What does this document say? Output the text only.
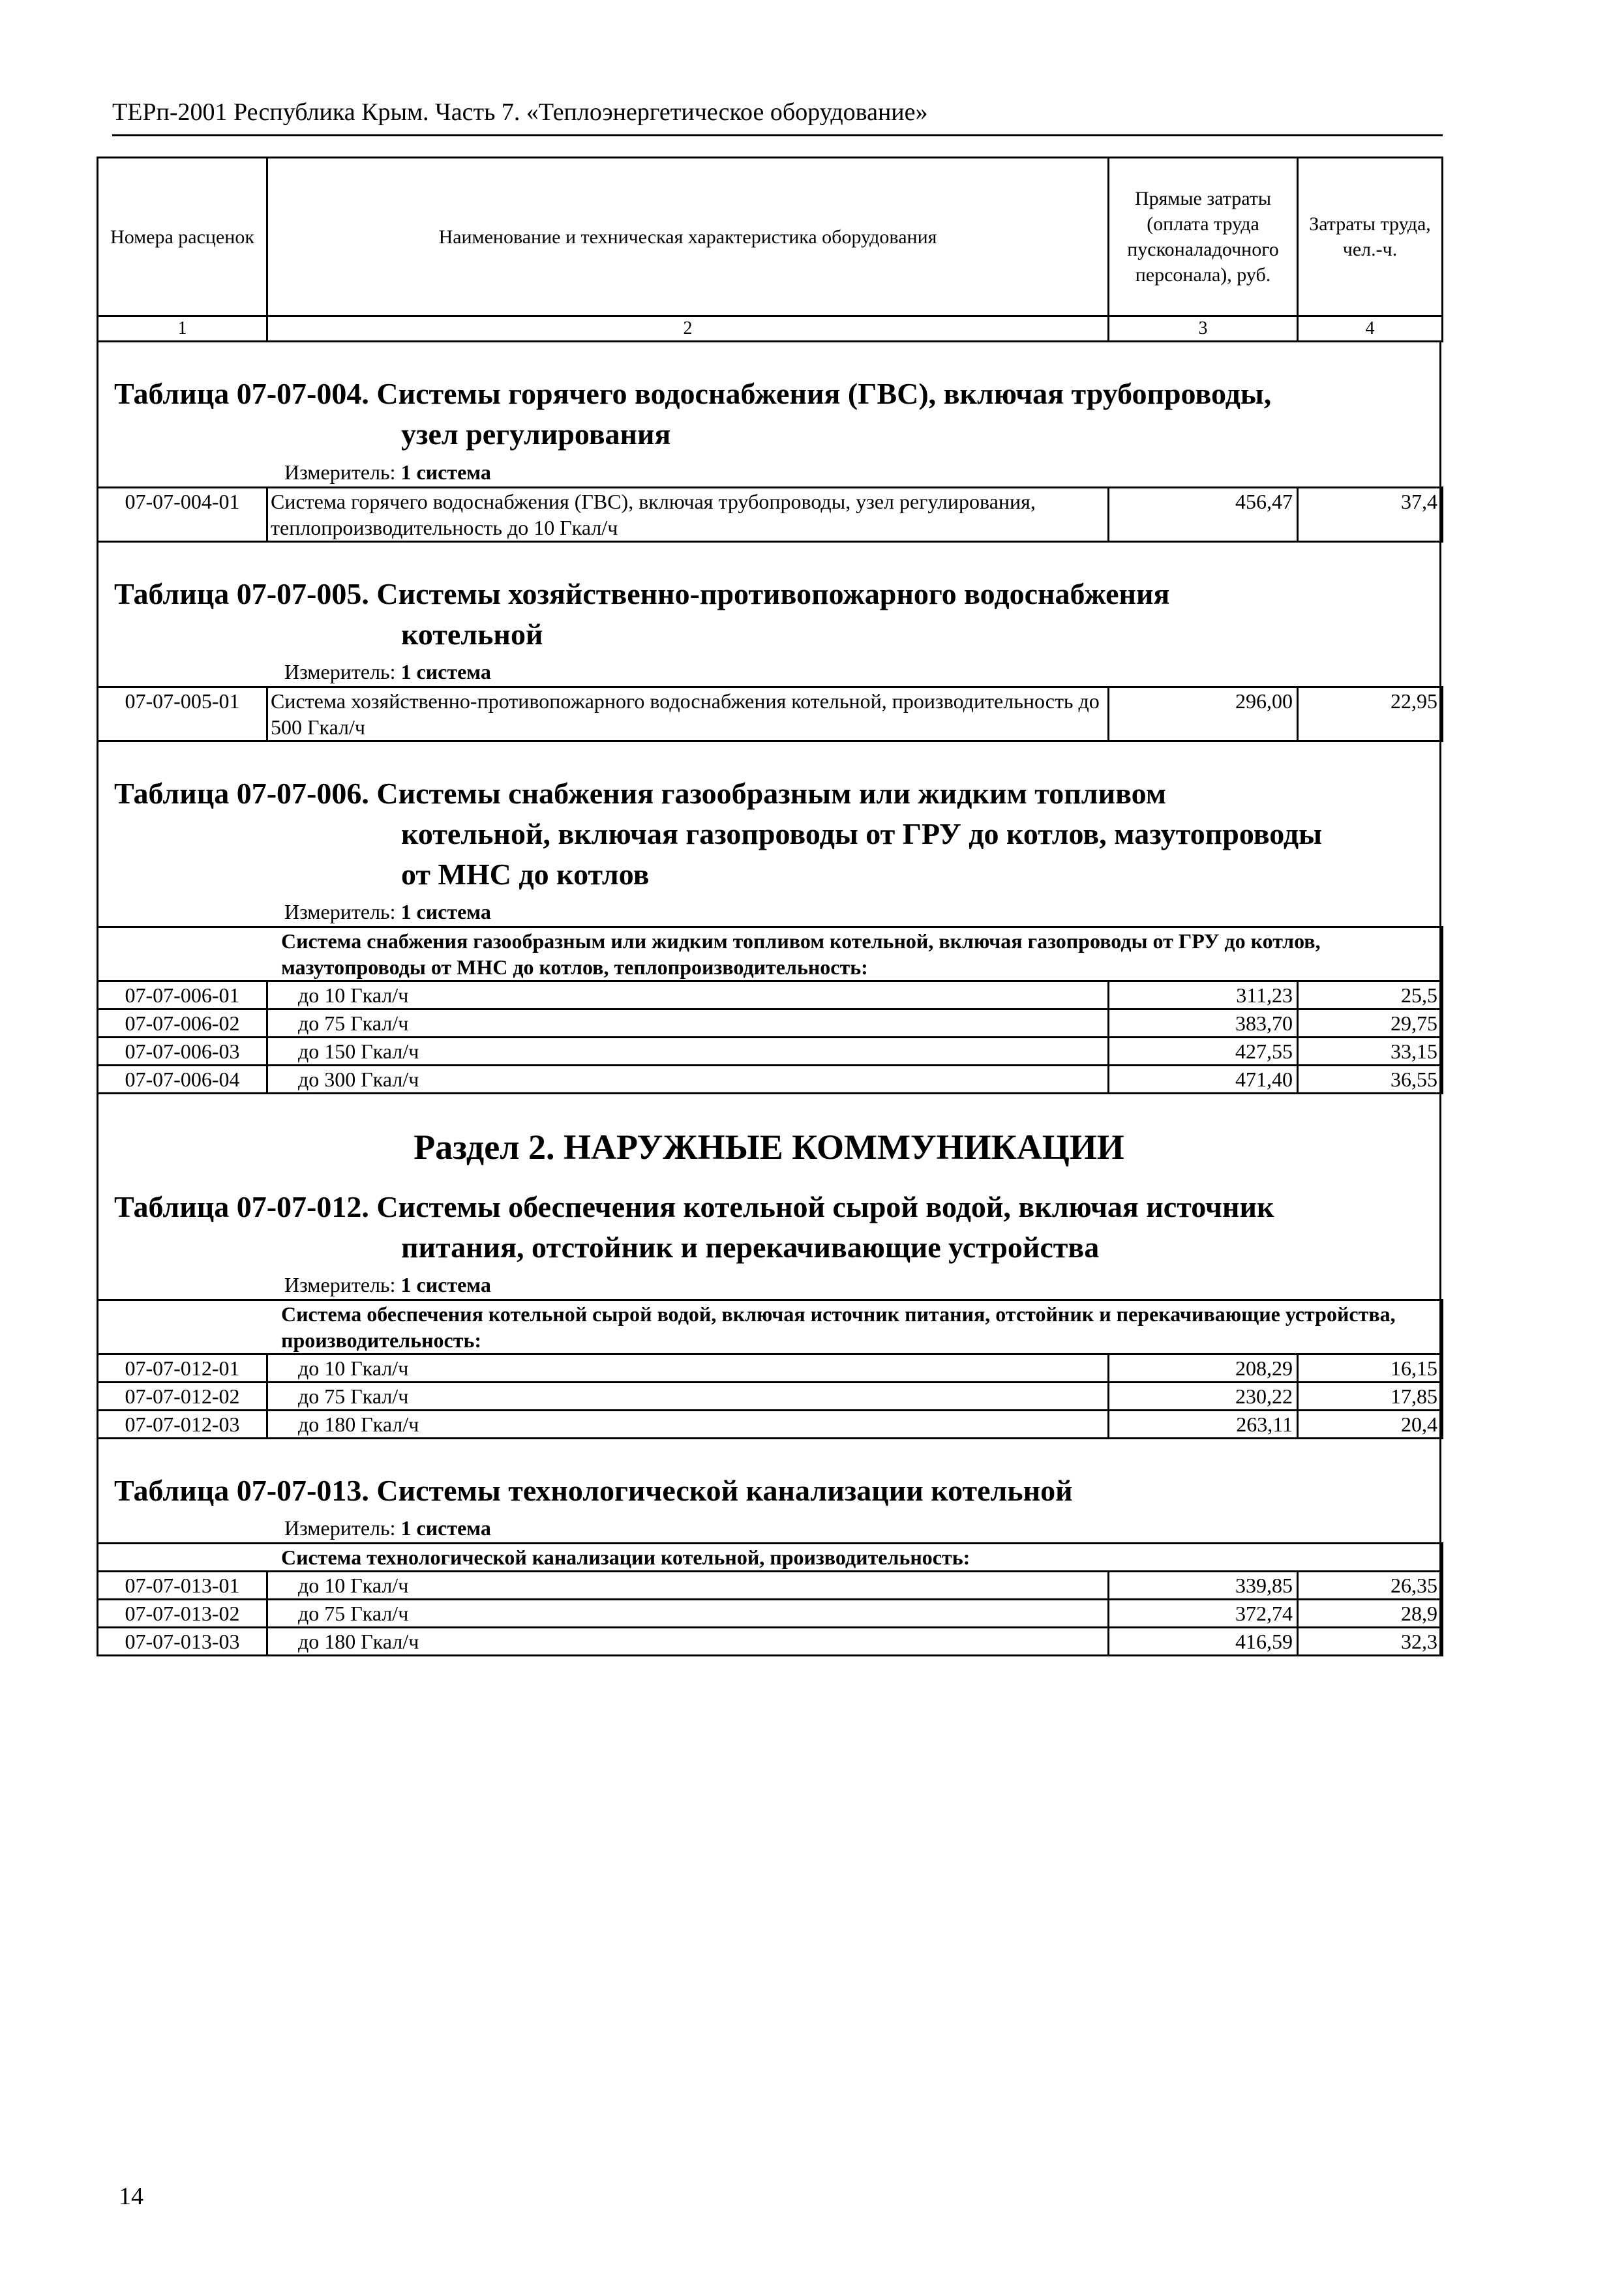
ТЕРп-2001 Республика Крым. Часть 7. «Теплоэнергетическое оборудование»
Номера расценок	Наименование и техническая характеристика оборудования	Прямые затраты (оплата труда пусконаладочного персонала), руб.	Затраты труда, чел.-ч.
1	2	3	4
Таблица 07-07-004. Системы горячего водоснабжения (ГВС), включая трубопроводы,
узел регулирования
Измеритель: 1 система
07-07-004-01	Система горячего водоснабжения (ГВС), включая трубопроводы, узел регулирования, теплопроизводительность до 10 Гкал/ч	456,47	37,4
Таблица 07-07-005. Системы хозяйственно-противопожарного водоснабжения
котельной
Измеритель: 1 система
07-07-005-01	Система хозяйственно-противопожарного водоснабжения котельной, производительность до 500 Гкал/ч	296,00	22,95
Таблица 07-07-006. Системы снабжения газообразным или жидким топливом
котельной, включая газопроводы от ГРУ до котлов, мазутопроводы
от МНС до котлов
Измеритель: 1 система
Система снабжения газообразным или жидким топливом котельной, включая газопроводы от ГРУ до котлов, мазутопроводы от МНС до котлов, теплопроизводительность:			
07-07-006-01	до 10 Гкал/ч	311,23	25,5
07-07-006-02	до 75 Гкал/ч	383,70	29,75
07-07-006-03	до 150 Гкал/ч	427,55	33,15
07-07-006-04	до 300 Гкал/ч	471,40	36,55
Раздел 2. НАРУЖНЫЕ КОММУНИКАЦИИ
Таблица 07-07-012. Системы обеспечения котельной сырой водой, включая источник
питания, отстойник и перекачивающие устройства
Измеритель: 1 система
Система обеспечения котельной сырой водой, включая источник питания, отстойник и перекачивающие устройства, производительность:			
07-07-012-01	до 10 Гкал/ч	208,29	16,15
07-07-012-02	до 75 Гкал/ч	230,22	17,85
07-07-012-03	до 180 Гкал/ч	263,11	20,4
Таблица 07-07-013. Системы технологической канализации котельной
Измеритель: 1 система
Система технологической канализации котельной, производительность:			
07-07-013-01	до 10 Гкал/ч	339,85	26,35
07-07-013-02	до 75 Гкал/ч	372,74	28,9
07-07-013-03	до 180 Гкал/ч	416,59	32,3
14
